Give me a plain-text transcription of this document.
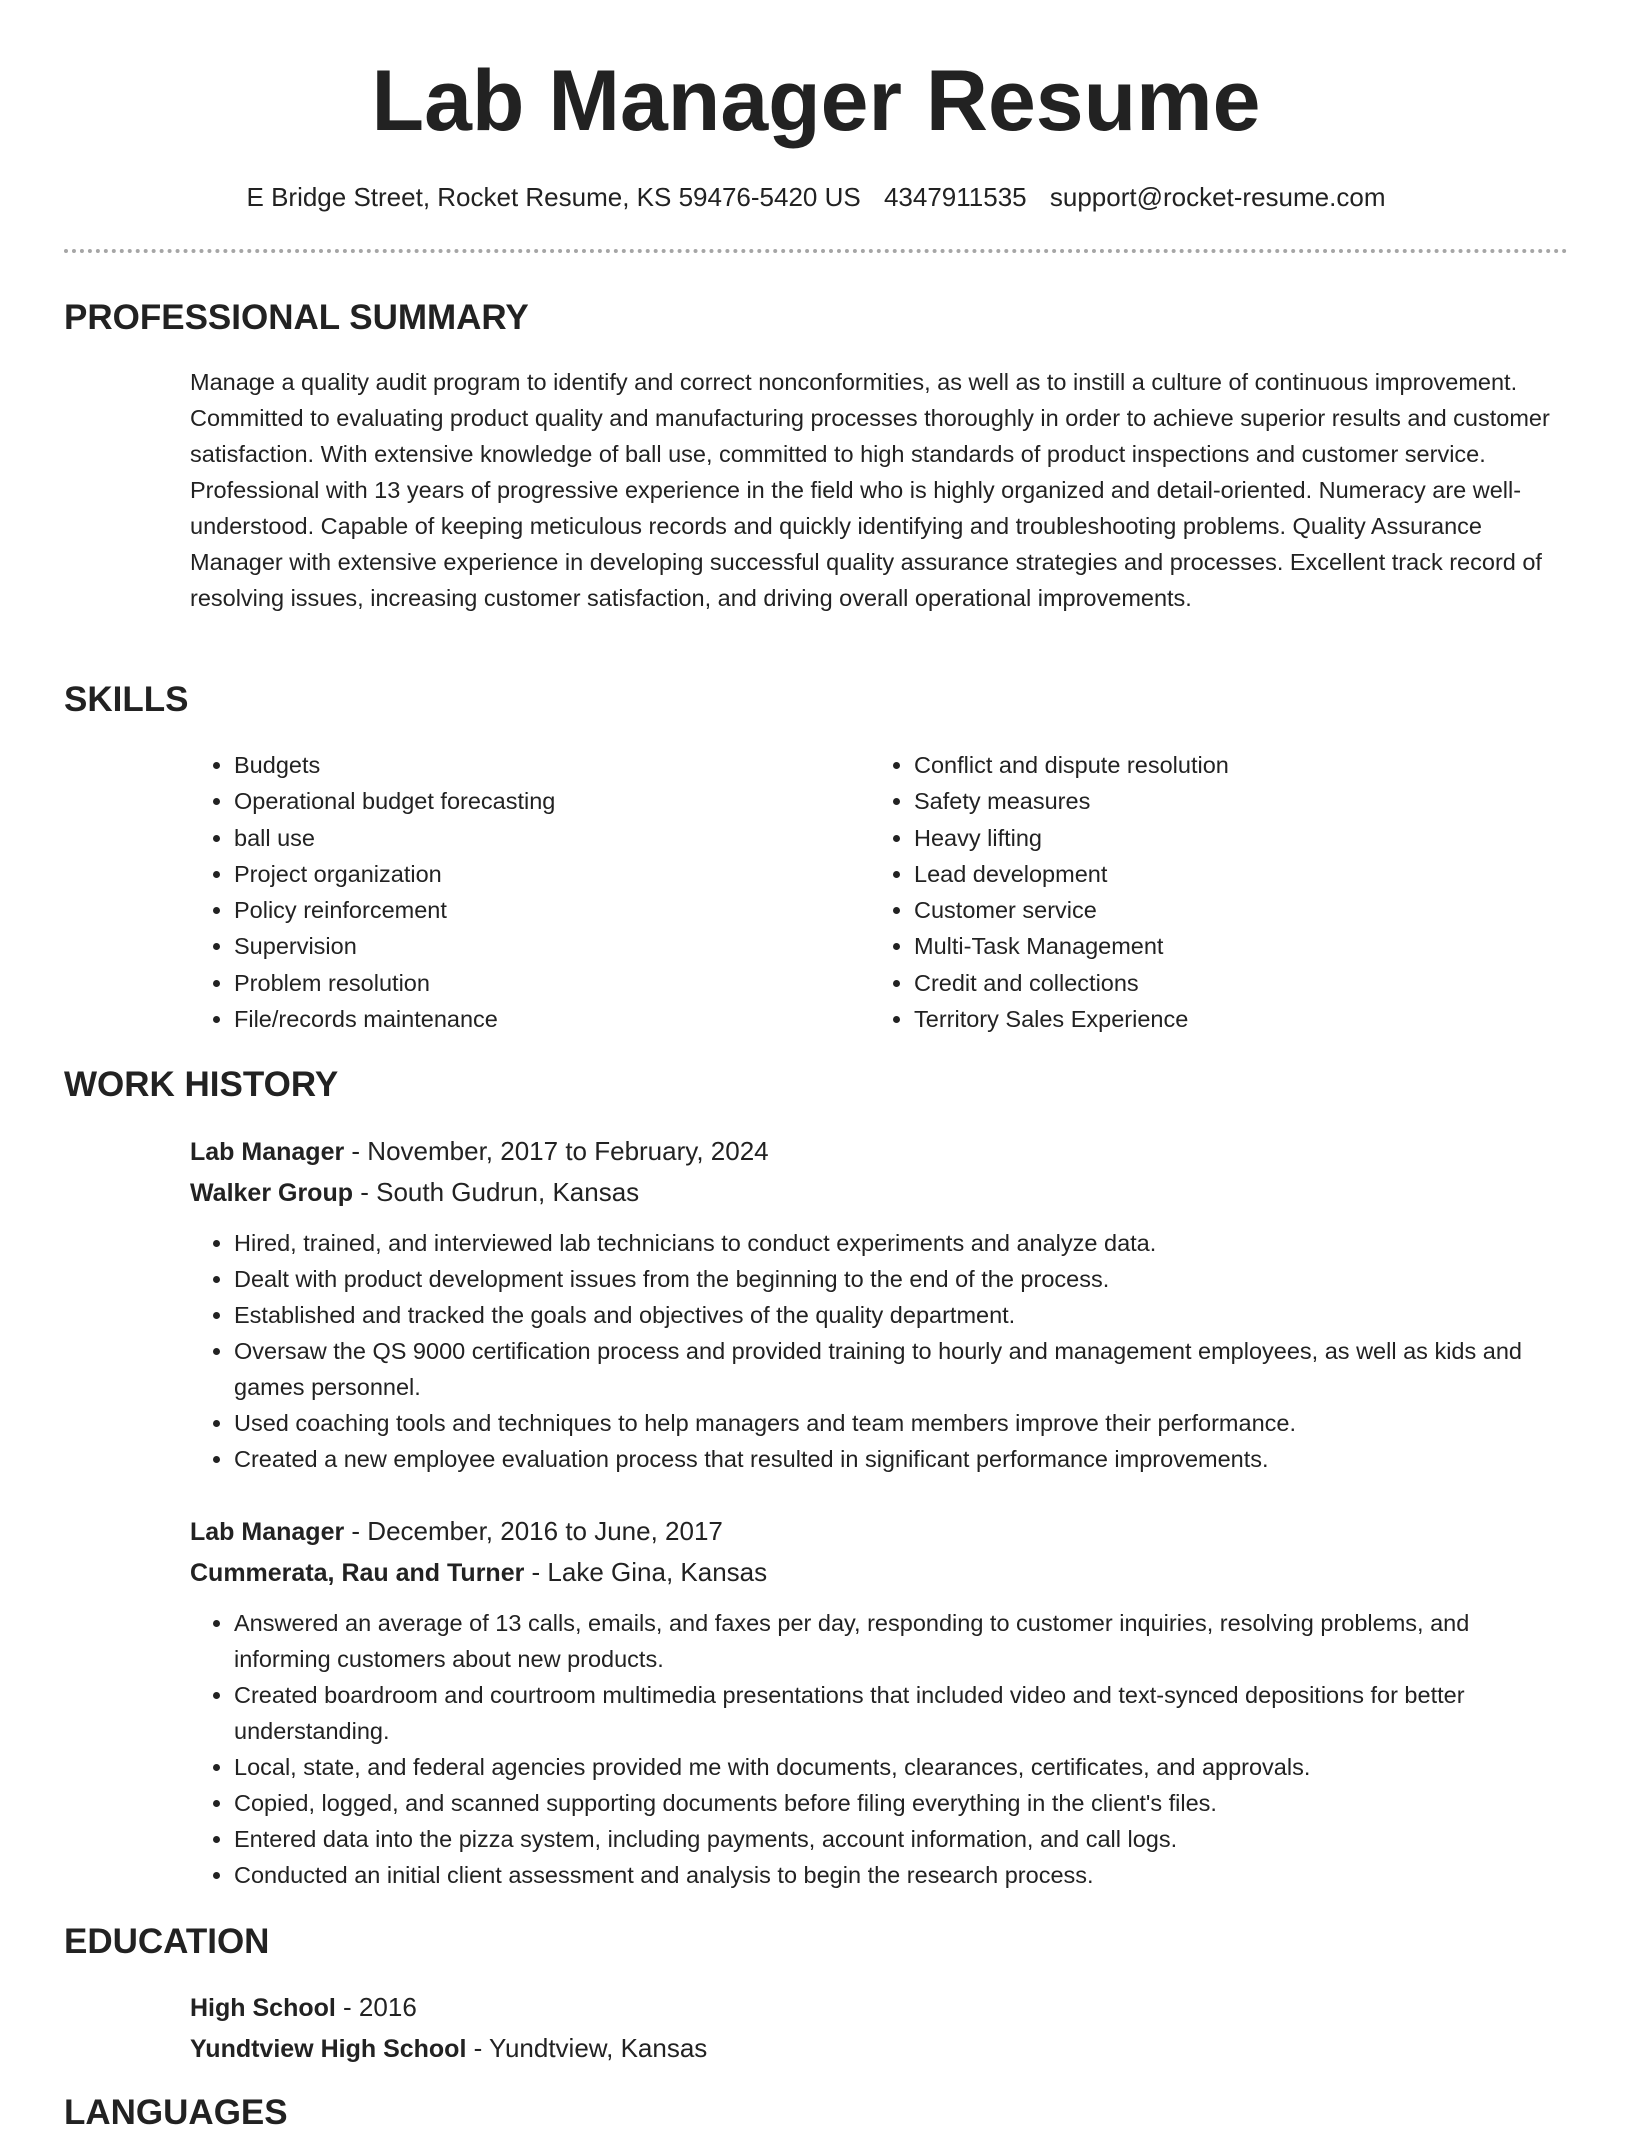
Lab Manager Resume
E Bridge Street, Rocket Resume, KS 59476-5420 US 4347911535 support@rocket-resume.com
PROFESSIONAL SUMMARY

Manage a quality audit program to identify and correct nonconformities, as well as to instill a culture of continuous improvement. Committed to evaluating product quality and manufacturing processes thoroughly in order to achieve superior results and customer satisfaction. With extensive knowledge of ball use, committed to high standards of product inspections and customer service. Professional with 13 years of progressive experience in the field who is highly organized and detail-oriented. Numeracy are well-understood. Capable of keeping meticulous records and quickly identifying and troubleshooting problems. Quality Assurance Manager with extensive experience in developing successful quality assurance strategies and processes. Excellent track record of resolving issues, increasing customer satisfaction, and driving overall operational improvements.

SKILLS
• Budgets
• Operational budget forecasting
• ball use
• Project organization
• Policy reinforcement
• Supervision
• Problem resolution
• File/records maintenance
• Conflict and dispute resolution
• Safety measures
• Heavy lifting
• Lead development
• Customer service
• Multi-Task Management
• Credit and collections
• Territory Sales Experience
WORK HISTORY
Lab Manager - November, 2017 to February, 2024
Walker Group - South Gudrun, Kansas
• Hired, trained, and interviewed lab technicians to conduct experiments and analyze data.
• Dealt with product development issues from the beginning to the end of the process.
• Established and tracked the goals and objectives of the quality department.
• Oversaw the QS 9000 certification process and provided training to hourly and management employees, as well as kids and games personnel.
• Used coaching tools and techniques to help managers and team members improve their performance.
• Created a new employee evaluation process that resulted in significant performance improvements.
Lab Manager - December, 2016 to June, 2017
Cummerata, Rau and Turner - Lake Gina, Kansas
• Answered an average of 13 calls, emails, and faxes per day, responding to customer inquiries, resolving problems, and informing customers about new products.
• Created boardroom and courtroom multimedia presentations that included video and text-synced depositions for better understanding.
• Local, state, and federal agencies provided me with documents, clearances, certificates, and approvals.
• Copied, logged, and scanned supporting documents before filing everything in the client's files.
• Entered data into the pizza system, including payments, account information, and call logs.
• Conducted an initial client assessment and analysis to begin the research process.
EDUCATION
High School - 2016
Yundtview High School - Yundtview, Kansas
LANGUAGES
